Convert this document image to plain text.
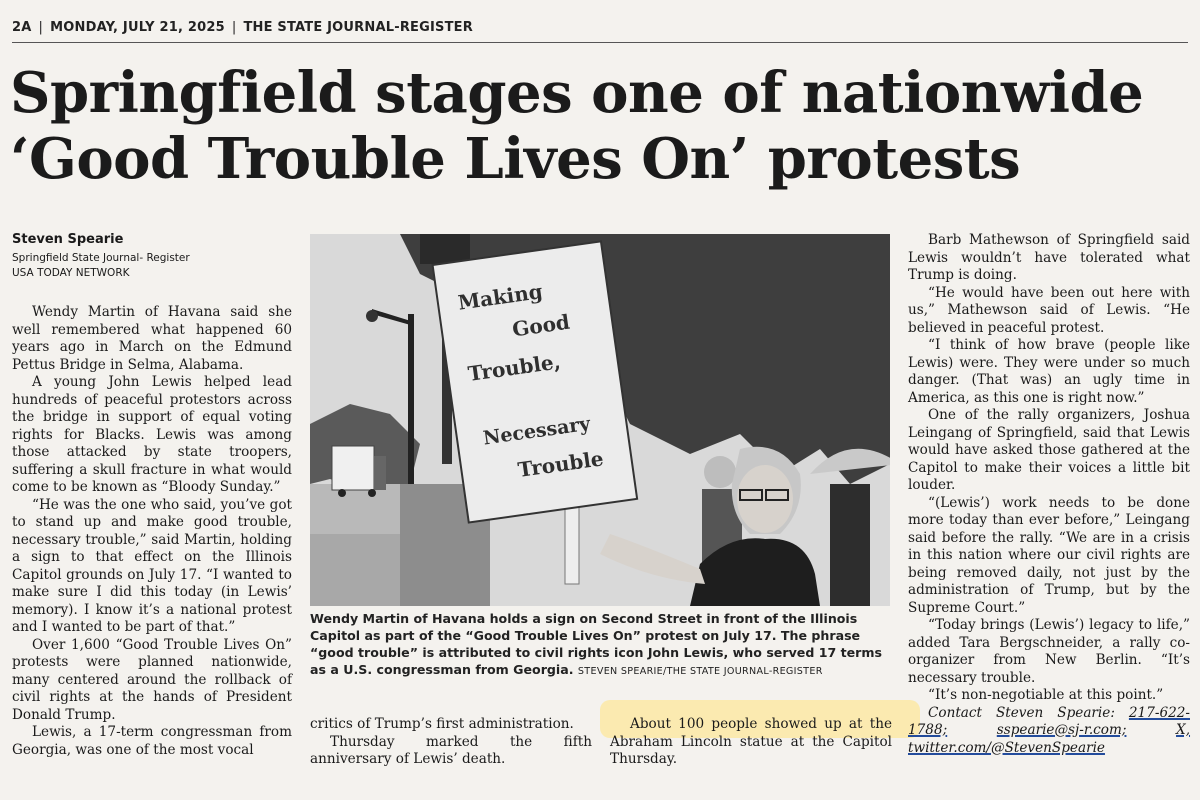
2A | MONDAY, JULY 21, 2025 | THE STATE JOURNAL-REGISTER
Springfield stages one of nationwide
‘Good Trouble Lives On’ protests
Steven Spearie
Springfield State Journal- Register
USA TODAY NETWORK

Wendy Martin of Havana said she well remembered what happened 60 years ago in March on the Edmund Pettus Bridge in Selma, Alabama.

A young John Lewis helped lead hundreds of peaceful protestors across the bridge in support of equal voting rights for Blacks. Lewis was among those attacked by state troopers, suffering a skull fracture in what would come to be known as “Bloody Sunday.”

“He was the one who said, you’ve got to stand up and make good trouble, necessary trouble,” said Martin, holding a sign to that effect on the Illinois Capitol grounds on July 17. “I wanted to make sure I did this today (in Lewis’ memory). I know it’s a national protest and I wanted to be part of that.”

Over 1,600 “Good Trouble Lives On” protests were planned nationwide, many centered around the rollback of civil rights at the hands of President Donald Trump.

Lewis, a 17-term congressman from Georgia, was one of the most vocal

Making
Good
Trouble,
Necessary
Trouble
Wendy Martin of Havana holds a sign on Second Street in front of the Illinois Capitol as part of the “Good Trouble Lives On” protest on July 17. The phrase “good trouble” is attributed to civil rights icon John Lewis, who served 17 terms as a U.S. congressman from Georgia. STEVEN SPEARIE/THE STATE JOURNAL-REGISTER

critics of Trump’s first administration.

Thursday marked the fifth anniversary of Lewis’ death.

About 100 people showed up at the Abraham Lincoln statue at the Capitol Thursday.

Barb Mathewson of Springfield said Lewis wouldn’t have tolerated what Trump is doing.

“He would have been out here with us,” Mathewson said of Lewis. “He believed in peaceful protest.

“I think of how brave (people like Lewis) were. They were under so much danger. (That was) an ugly time in America, as this one is right now.”

One of the rally organizers, Joshua Leingang of Springfield, said that Lewis would have asked those gathered at the Capitol to make their voices a little bit louder.

“(Lewis’) work needs to be done more today than ever before,” Leingang said before the rally. “We are in a crisis in this nation where our civil rights are being removed daily, not just by the administration of Trump, but by the Supreme Court.”

“Today brings (Lewis’) legacy to life,” added Tara Bergschneider, a rally co-organizer from New Berlin. “It’s necessary trouble.

“It’s non-negotiable at this point.”

Contact Steven Spearie: 217-622-1788;	sspearie@sj-r.com;	X, twitter.com/@StevenSpearie
